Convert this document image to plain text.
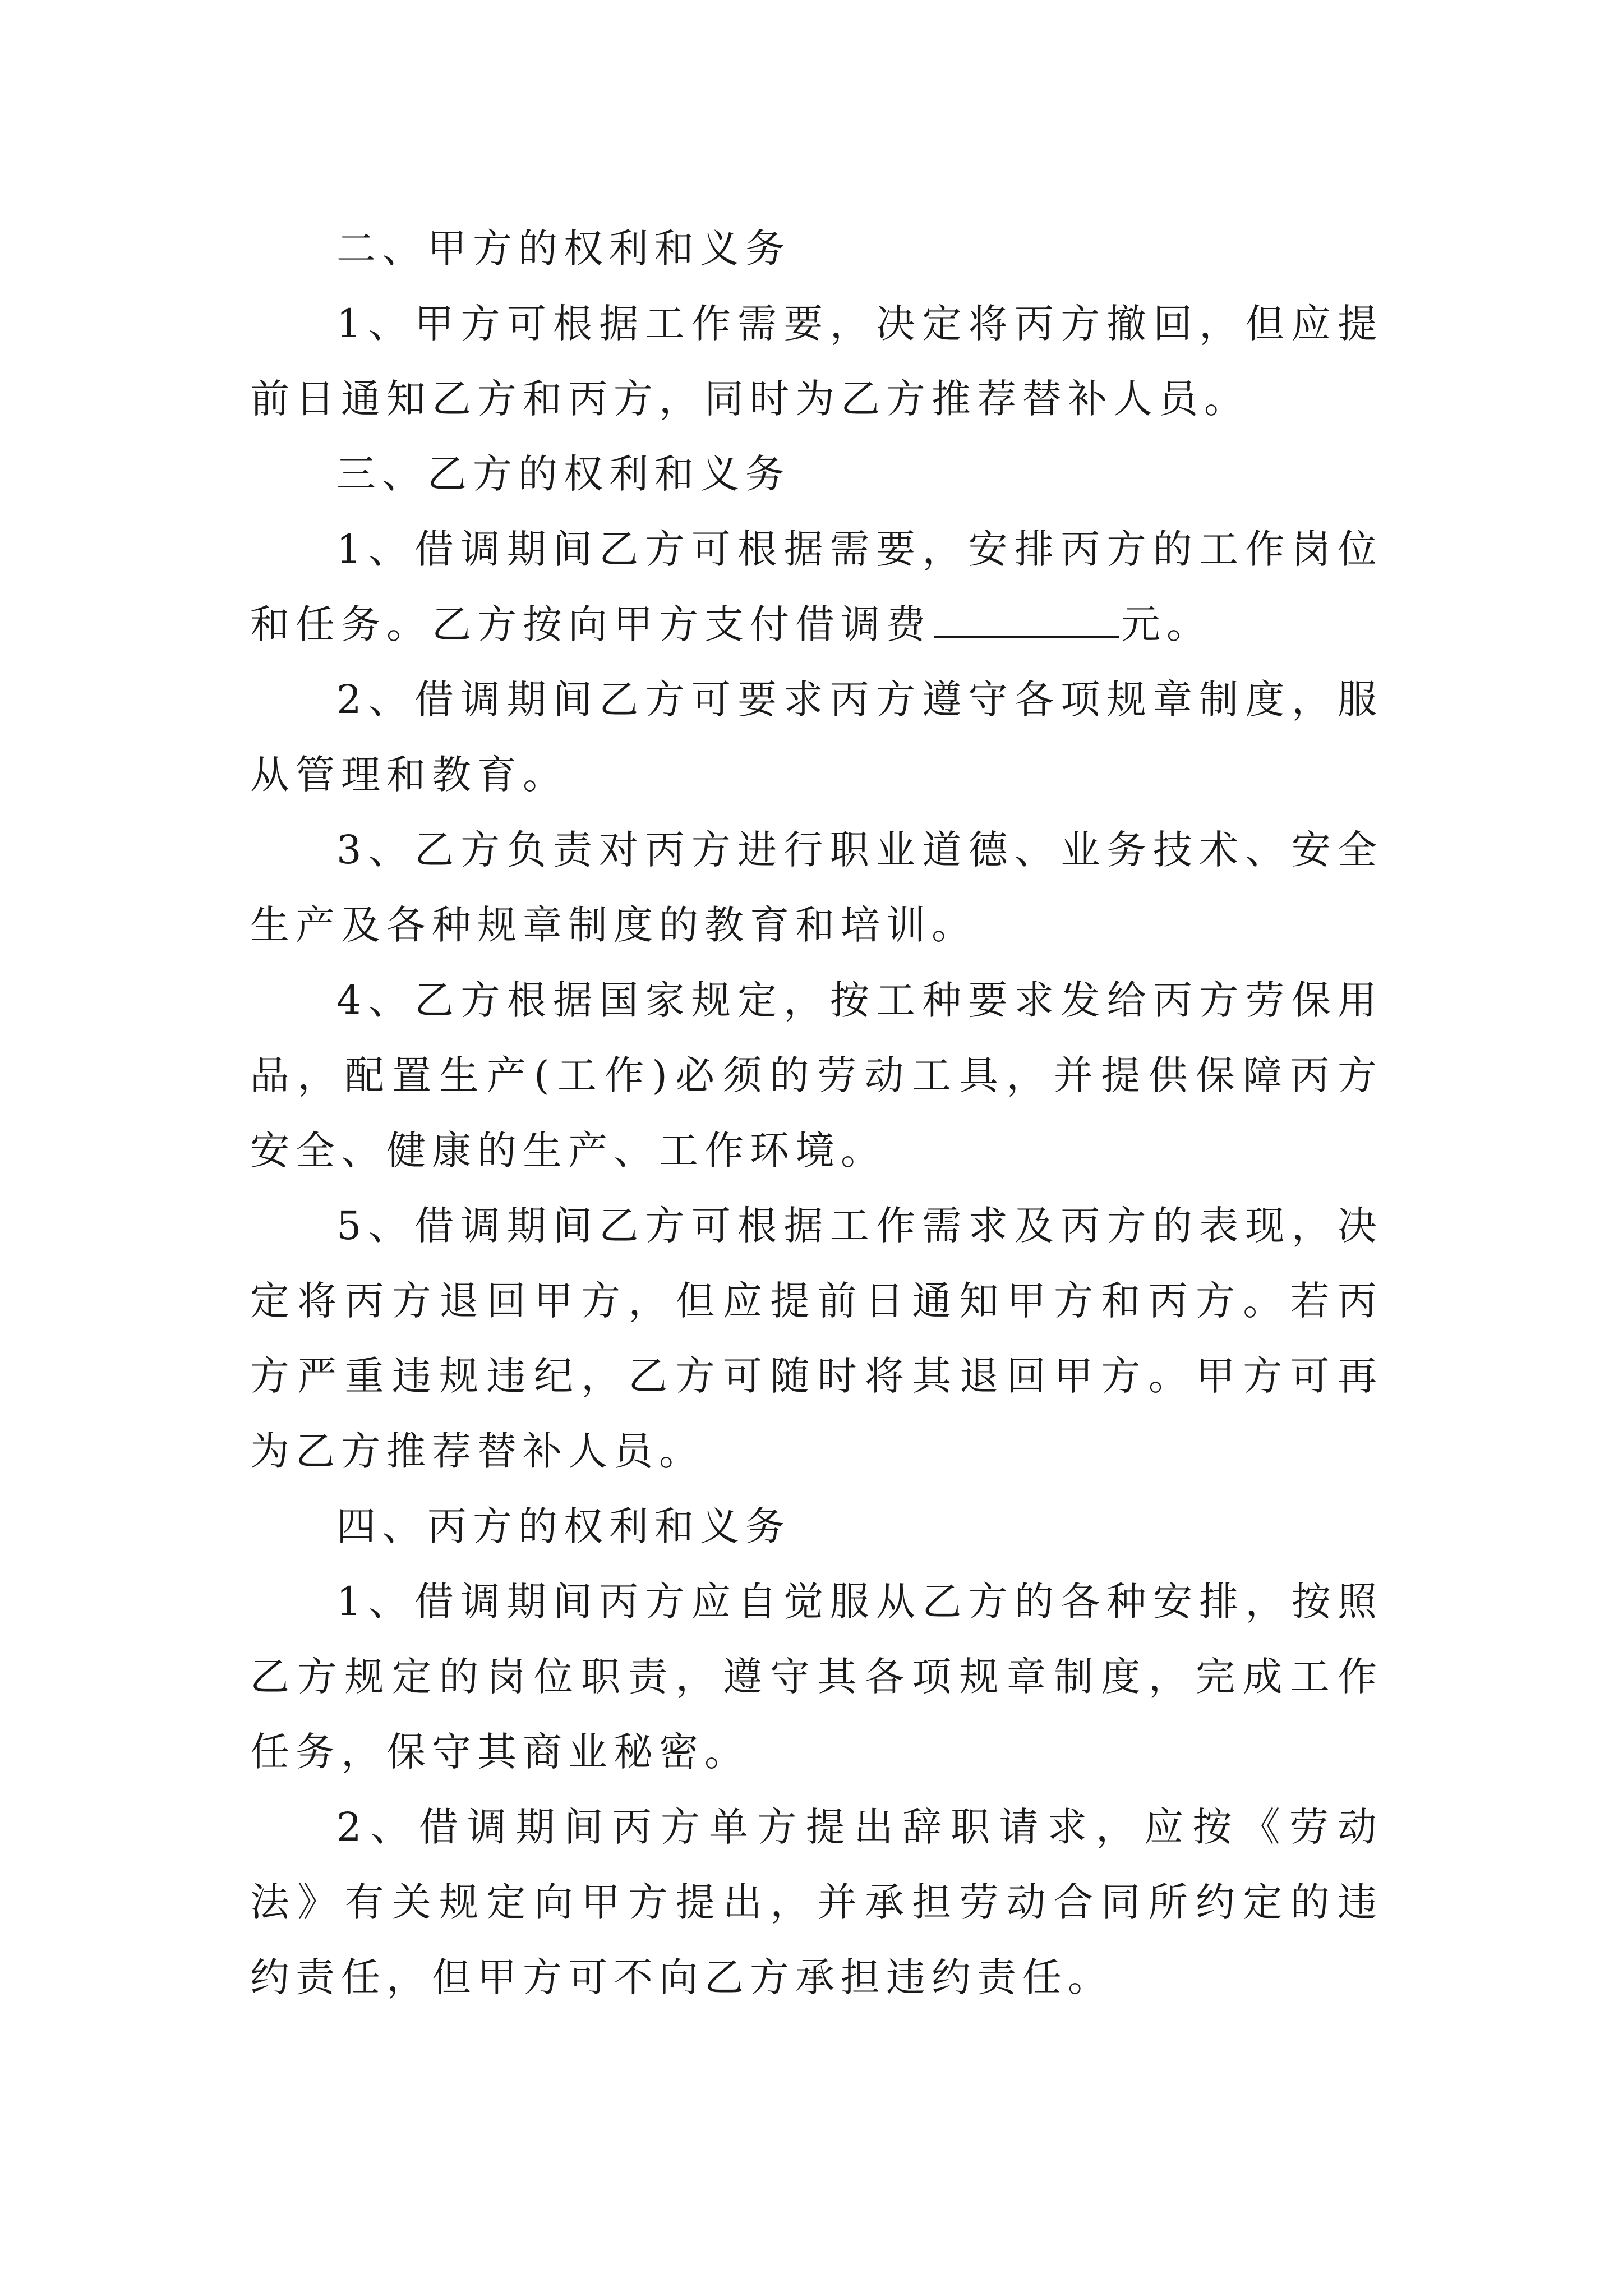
二、甲方的权利和义务

1、甲方可根据工作需要，决定将丙方撤回，但应提前日通知乙方和丙方，同时为乙方推荐替补人员。

三、乙方的权利和义务

1、借调期间乙方可根据需要，安排丙方的工作岗位和任务。乙方按向甲方支付借调费	元。

2、借调期间乙方可要求丙方遵守各项规章制度，服从管理和教育。

3、乙方负责对丙方进行职业道德、业务技术、安全生产及各种规章制度的教育和培训。

4、乙方根据国家规定，按工种要求发给丙方劳保用品，配置生产(工作)必须的劳动工具，并提供保障丙方安全、健康的生产、工作环境。

5、借调期间乙方可根据工作需求及丙方的表现，决定将丙方退回甲方，但应提前日通知甲方和丙方。若丙方严重违规违纪，乙方可随时将其退回甲方。甲方可再为乙方推荐替补人员。

四、丙方的权利和义务

1、借调期间丙方应自觉服从乙方的各种安排，按照乙方规定的岗位职责，遵守其各项规章制度，完成工作任务，保守其商业秘密。

2、借调期间丙方单方提出辞职请求，应按《劳动法》有关规定向甲方提出，并承担劳动合同所约定的违约责任，但甲方可不向乙方承担违约责任。
